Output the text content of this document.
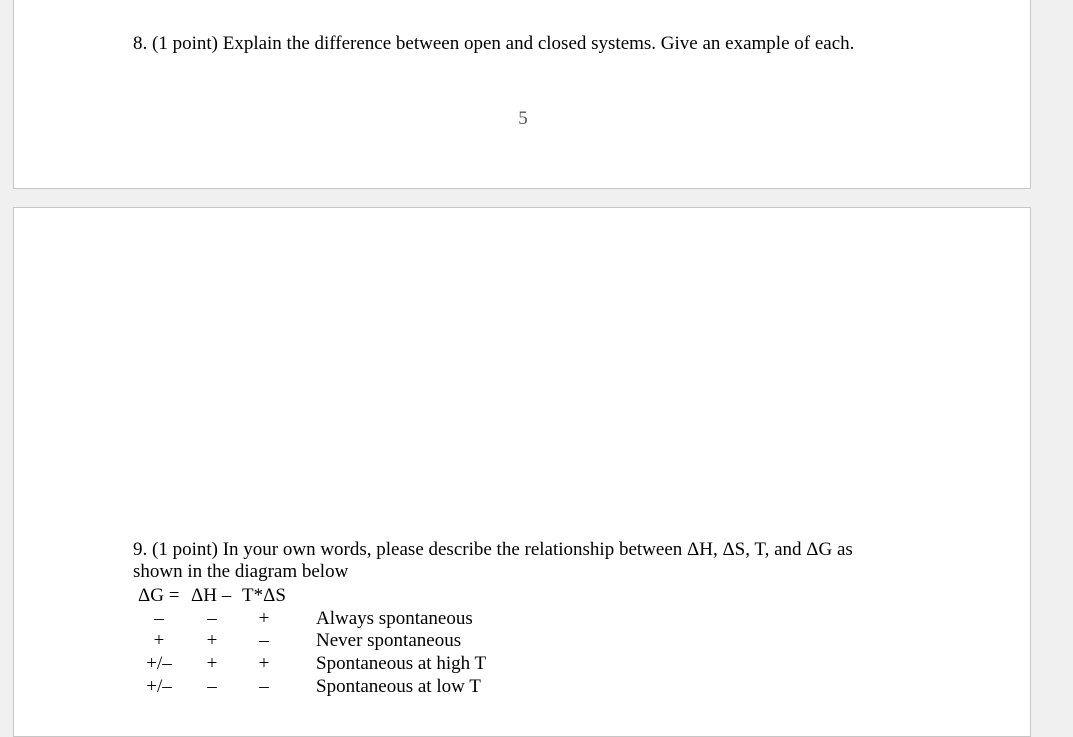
8. (1 point) Explain the difference between open and closed systems. Give an example of each.

5

9. (1 point) In your own words, please describe the relationship between ΔH, ΔS, T, and ΔG as shown in the diagram below

ΔG = ΔH – T*ΔS
–	–	+	Always spontaneous
+	+	–	Never spontaneous
+/–	+	+	Spontaneous at high T
+/–	–	–	Spontaneous at low T
